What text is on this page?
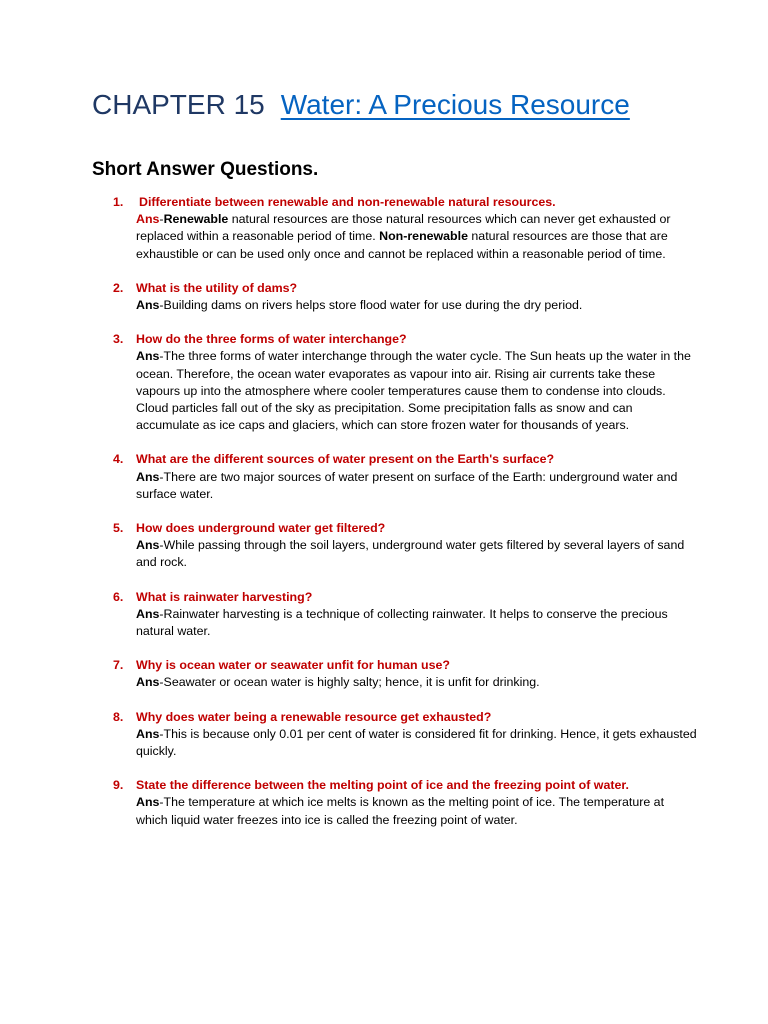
CHAPTER 15 Water: A Precious Resource
Short Answer Questions.
1. Differentiate between renewable and non-renewable natural resources.
Ans-Renewable natural resources are those natural resources which can never get exhausted or replaced within a reasonable period of time. Non-renewable natural resources are those that are exhaustible or can be used only once and cannot be replaced within a reasonable period of time.
2. What is the utility of dams?
Ans-Building dams on rivers helps store flood water for use during the dry period.
3. How do the three forms of water interchange?
Ans-The three forms of water interchange through the water cycle. The Sun heats up the water in the ocean. Therefore, the ocean water evaporates as vapour into air. Rising air currents take these vapours up into the atmosphere where cooler temperatures cause them to condense into clouds. Cloud particles fall out of the sky as precipitation. Some precipitation falls as snow and can accumulate as ice caps and glaciers, which can store frozen water for thousands of years.
4. What are the different sources of water present on the Earth's surface?
Ans-There are two major sources of water present on surface of the Earth: underground water and surface water.
5. How does underground water get filtered?
Ans-While passing through the soil layers, underground water gets filtered by several layers of sand and rock.
6. What is rainwater harvesting?
Ans-Rainwater harvesting is a technique of collecting rainwater. It helps to conserve the precious natural water.
7. Why is ocean water or seawater unfit for human use?
Ans-Seawater or ocean water is highly salty; hence, it is unfit for drinking.
8. Why does water being a renewable resource get exhausted?
Ans-This is because only 0.01 per cent of water is considered fit for drinking. Hence, it gets exhausted quickly.
9. State the difference between the melting point of ice and the freezing point of water.
Ans-The temperature at which ice melts is known as the melting point of ice. The temperature at which liquid water freezes into ice is called the freezing point of water.
